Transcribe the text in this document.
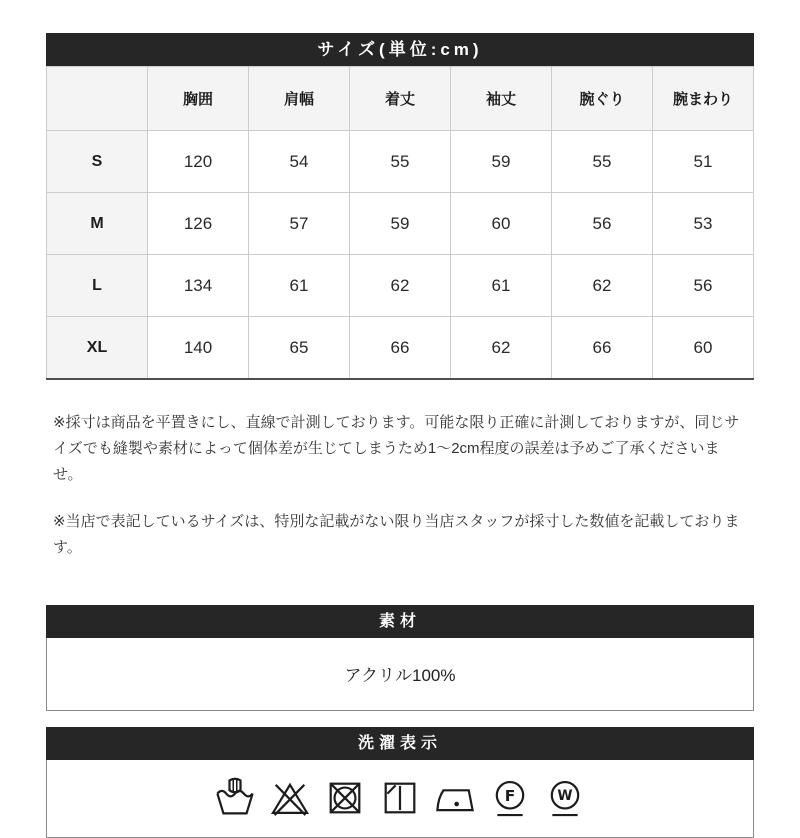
サイズ(単位:cm)
	胸囲	肩幅	着丈	袖丈	腕ぐり	腕まわり
S	120	54	55	59	55	51
M	126	57	59	60	56	53
L	134	61	62	61	62	56
XL	140	65	66	62	66	60

※採寸は商品を平置きにし、直線で計測しております。可能な限り正確に計測しておりますが、同じサイズでも縫製や素材によって個体差が生じてしまうため1〜2cm程度の誤差は予めご了承くださいませ。

※当店で表記しているサイズは、特別な記載がない限り当店スタッフが採寸した数値を記載しております。

素材
アクリル100%
洗濯表示
F	W
